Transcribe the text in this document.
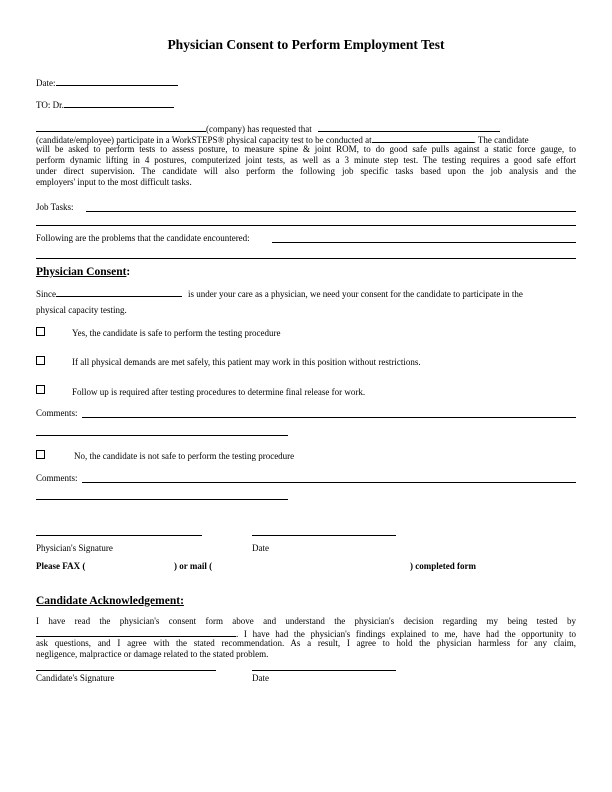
Physician Consent to Perform Employment Test
Date:
TO: Dr.
(company) has requested that
(candidate/employee) participate in a WorkSTEPS® physical capacity test to be conducted at	. The candidate
will be asked to perform tests to assess posture, to measure spine & joint ROM, to do good safe pulls against a static force gauge, to
perform dynamic lifting in 4 postures, computerized joint tests, as well as a 3 minute step test. The testing requires a good safe effort
under direct supervision. The candidate will also perform the following job specific tasks based upon the job analysis and the
employers' input to the most difficult tasks.
Job Tasks:
Following are the problems that the candidate encountered:
Physician Consent:
Since	is under your care as a physician, we need your consent for the candidate to participate in the
physical capacity testing.
Yes, the candidate is safe to perform the testing procedure
If all physical demands are met safely, this patient may work in this position without restrictions.
Follow up is required after testing procedures to determine final release for work.
Comments:
No, the candidate is not safe to perform the testing procedure
Comments:
Physician's Signature	Date
Please FAX (	) or mail (	) completed form
Candidate Acknowledgement:
I have read the physician's consent form above and understand the physician's decision regarding my being tested by
. I have had the physician's findings explained to me, have had the opportunity to
ask questions, and I agree with the stated recommendation. As a result, I agree to hold the physician harmless for any claim,
negligence, malpractice or damage related to the stated problem.
Candidate's Signature	Date
